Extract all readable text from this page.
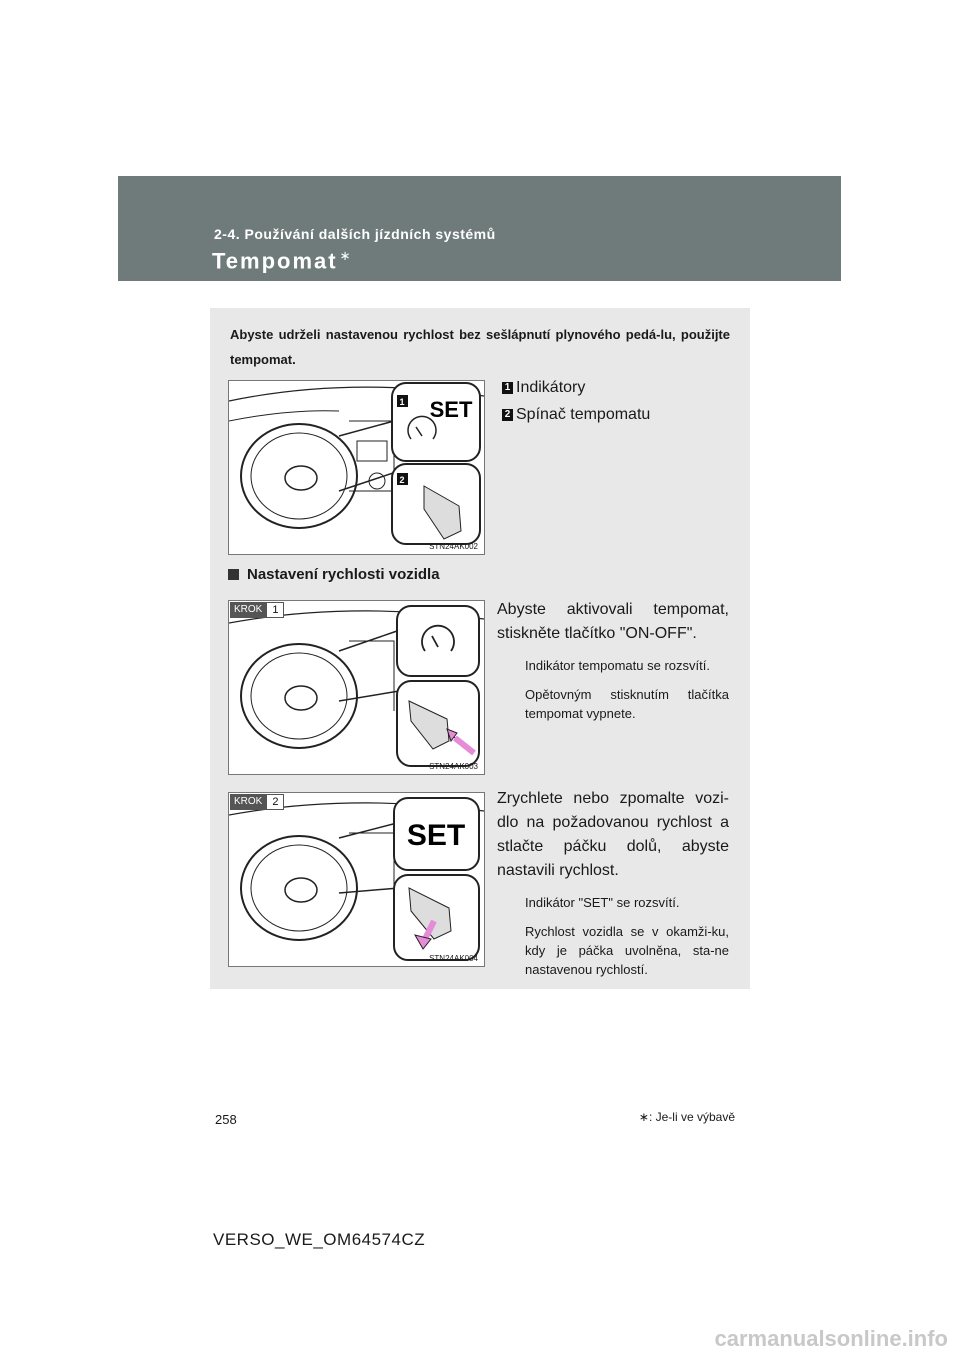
2-4. Používání dalších jízdních systémů
Tempomat ∗
Abyste udrželi nastavenou rychlost bez sešlápnutí plynového pedá-lu, použijte tempomat.
1 SET
2
STN24AK002
1 Indikátory
2 Spínač tempomatu
Nastavení rychlosti vozidla
KROK 1
STN24AK003
Abyste aktivovali tempomat, stiskněte tlačítko "ON-OFF".
Indikátor tempomatu se rozsvítí.
Opětovným stisknutím tlačítka tempomat vypnete.
SET
KROK 2
STN24AK004
Zrychlete nebo zpomalte vozi-dlo na požadovanou rychlost a stlačte páčku dolů, abyste nastavili rychlost.
Indikátor "SET" se rozsvítí.
Rychlost vozidla se v okamži-ku, kdy je páčka uvolněna, sta-ne nastavenou rychlostí.
∗: Je-li ve výbavě
258
VERSO_WE_OM64574CZ
carmanualsonline.info
